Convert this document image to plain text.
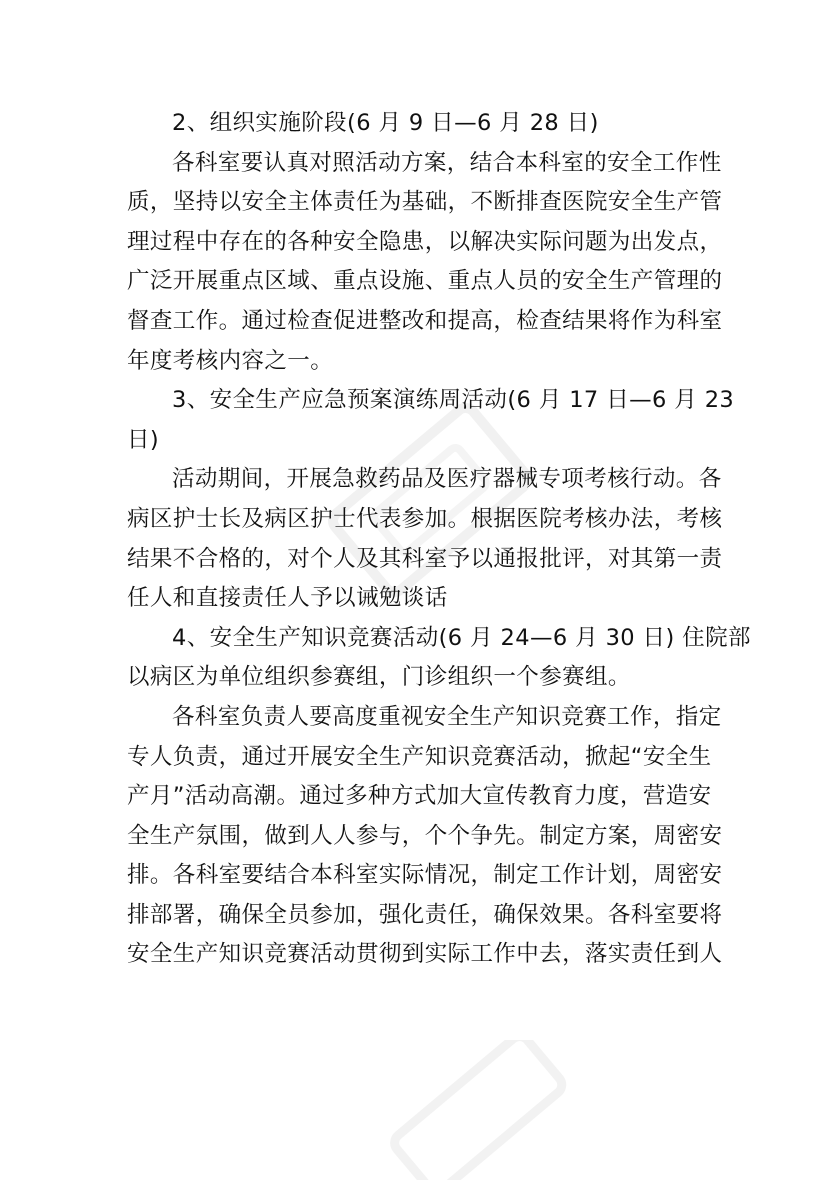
2、组织实施阶段(6 月 9 日—6 月 28 日)

各科室要认真对照活动方案，结合本科室的安全工作性
质，坚持以安全主体责任为基础，不断排查医院安全生产管
理过程中存在的各种安全隐患，以解决实际问题为出发点，
广泛开展重点区域、重点设施、重点人员的安全生产管理的
督查工作。通过检查促进整改和提高，检查结果将作为科室
年度考核内容之一。

3、安全生产应急预案演练周活动(6 月 17 日—6 月 23
日)

活动期间，开展急救药品及医疗器械专项考核行动。各
病区护士长及病区护士代表参加。根据医院考核办法，考核
结果不合格的，对个人及其科室予以通报批评，对其第一责
任人和直接责任人予以诫勉谈话

4、安全生产知识竞赛活动(6 月 24—6 月 30 日) 住院部
以病区为单位组织参赛组，门诊组织一个参赛组。

各科室负责人要高度重视安全生产知识竞赛工作，指定
专人负责，通过开展安全生产知识竞赛活动，掀起“安全生
产月”活动高潮。通过多种方式加大宣传教育力度，营造安
全生产氛围，做到人人参与，个个争先。制定方案，周密安
排。各科室要结合本科室实际情况，制定工作计划，周密安
排部署，确保全员参加，强化责任，确保效果。各科室要将
安全生产知识竞赛活动贯彻到实际工作中去，落实责任到人
